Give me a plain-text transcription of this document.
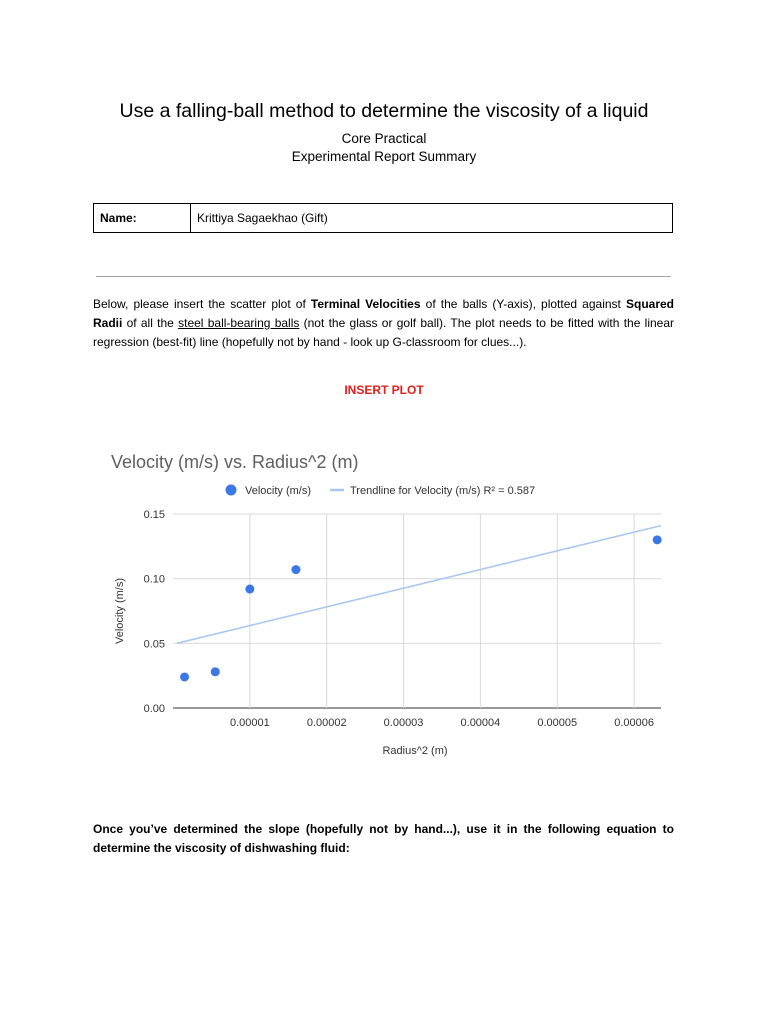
Use a falling-ball method to determine the viscosity of a liquid
Core Practical
Experimental Report Summary
Name:	Krittiya Sagaekhao (Gift)
Below, please insert the scatter plot of Terminal Velocities of the balls (Y-axis), plotted against Squared Radii of all the steel ball-bearing balls (not the glass or golf ball). The plot needs to be fitted with the linear regression (best-fit) line (hopefully not by hand - look up G-classroom for clues...).
INSERT PLOT
Velocity (m/s) vs. Radius^2 (m)
Velocity (m/s)	Trendline for Velocity (m/s) R² = 0.587
0.00
0.05
0.10
0.15
0.00001	0.00002	0.00003	0.00004	0.00005	0.00006
Radius^2 (m)
Velocity (m/s)
Once you’ve determined the slope (hopefully not by hand...), use it in the following equation to determine the viscosity of dishwashing fluid:
